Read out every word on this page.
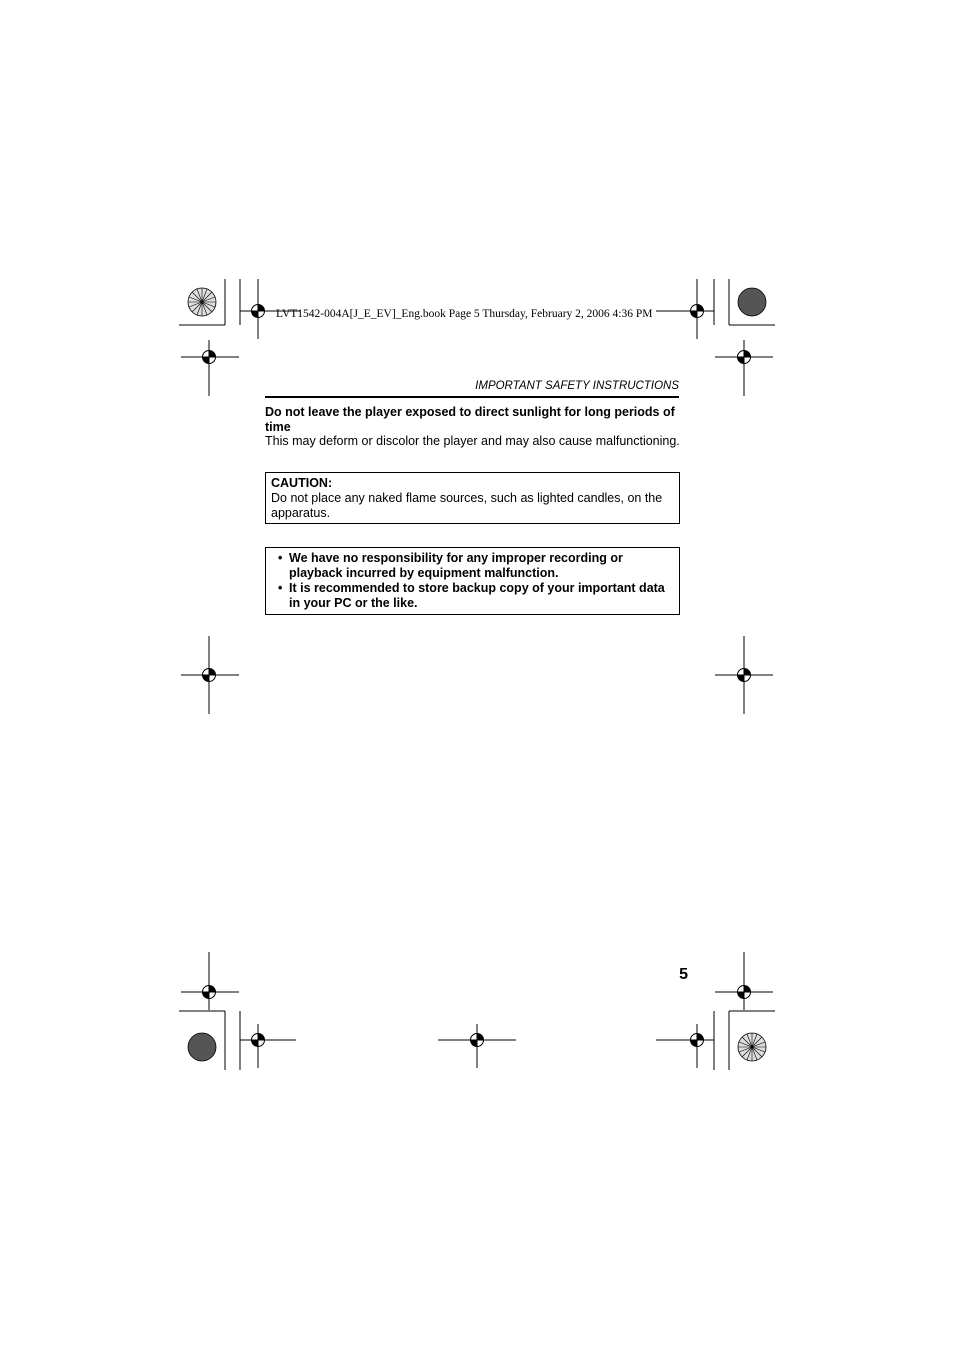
LVT1542-004A[J_E_EV]_Eng.book Page 5 Thursday, February 2, 2006 4:36 PM
IMPORTANT SAFETY INSTRUCTIONS
Do not leave the player exposed to direct sunlight for long periods of time
This may deform or discolor the player and may also cause malfunctioning.
CAUTION:
Do not place any naked flame sources, such as lighted candles, on the apparatus.
• We have no responsibility for any improper recording or playback incurred by equipment malfunction.
• It is recommended to store backup copy of your important data in your PC or the like.
5
